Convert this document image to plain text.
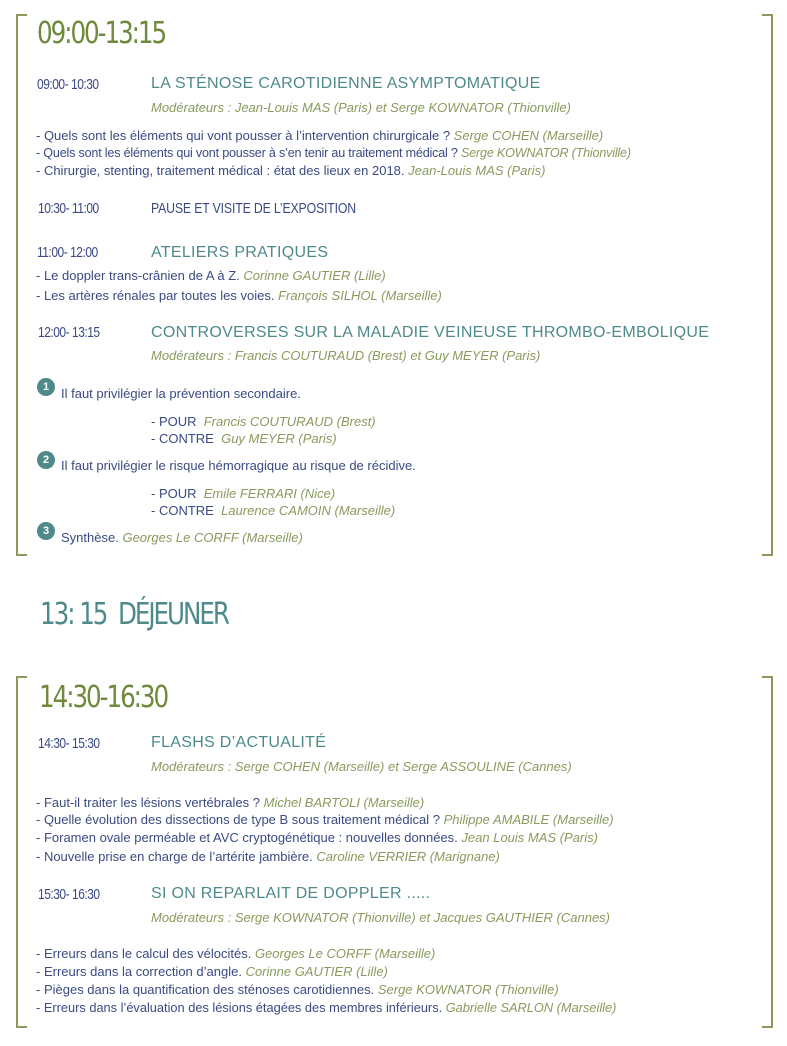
09:00-13:15
09:00- 10:30	LA STÉNOSE CAROTIDIENNE ASYMPTOMATIQUE
Modérateurs : Jean-Louis MAS (Paris) et Serge KOWNATOR (Thionville)
- Quels sont les éléments qui vont pousser à l’intervention chirurgicale ? Serge COHEN (Marseille)
- Quels sont les éléments qui vont pousser à s’en tenir au traitement médical ? Serge KOWNATOR (Thionville)
- Chirurgie, stenting, traitement médical : état des lieux en 2018. Jean-Louis MAS (Paris)
10:30- 11:00	PAUSE ET VISITE DE L’EXPOSITION
11:00- 12:00	ATELIERS PRATIQUES
- Le doppler trans-crânien de A à Z. Corinne GAUTIER (Lille)
- Les artères rénales par toutes les voies. François SILHOL (Marseille)
12:00- 13:15	CONTROVERSES SUR LA MALADIE VEINEUSE THROMBO-EMBOLIQUE
Modérateurs : Francis COUTURAUD (Brest) et Guy MEYER (Paris)
1 Il faut privilégier la prévention secondaire.
- POUR Francis COUTURAUD (Brest)
- CONTRE Guy MEYER (Paris)
2 Il faut privilégier le risque hémorragique au risque de récidive.
- POUR Emile FERRARI (Nice)
- CONTRE Laurence CAMOIN (Marseille)
3 Synthèse. Georges Le CORFF (Marseille)
13: 15 DÉJEUNER
14:30-16:30
14:30- 15:30	FLASHS D’ACTUALITÉ
Modérateurs : Serge COHEN (Marseille) et Serge ASSOULINE (Cannes)
- Faut-il traiter les lésions vertébrales ? Michel BARTOLI (Marseille)
- Quelle évolution des dissections de type B sous traitement médical ? Philippe AMABILE (Marseille)
- Foramen ovale perméable et AVC cryptogénétique : nouvelles données. Jean Louis MAS (Paris)
- Nouvelle prise en charge de l’artérite jambière. Caroline VERRIER (Marignane)
15:30- 16:30	SI ON REPARLAIT DE DOPPLER .....
Modérateurs : Serge KOWNATOR (Thionville) et Jacques GAUTHIER (Cannes)
- Erreurs dans le calcul des vélocités. Georges Le CORFF (Marseille)
- Erreurs dans la correction d’angle. Corinne GAUTIER (Lille)
- Pièges dans la quantification des sténoses carotidiennes. Serge KOWNATOR (Thionville)
- Erreurs dans l’évaluation des lésions étagées des membres inférieurs. Gabrielle SARLON (Marseille)
